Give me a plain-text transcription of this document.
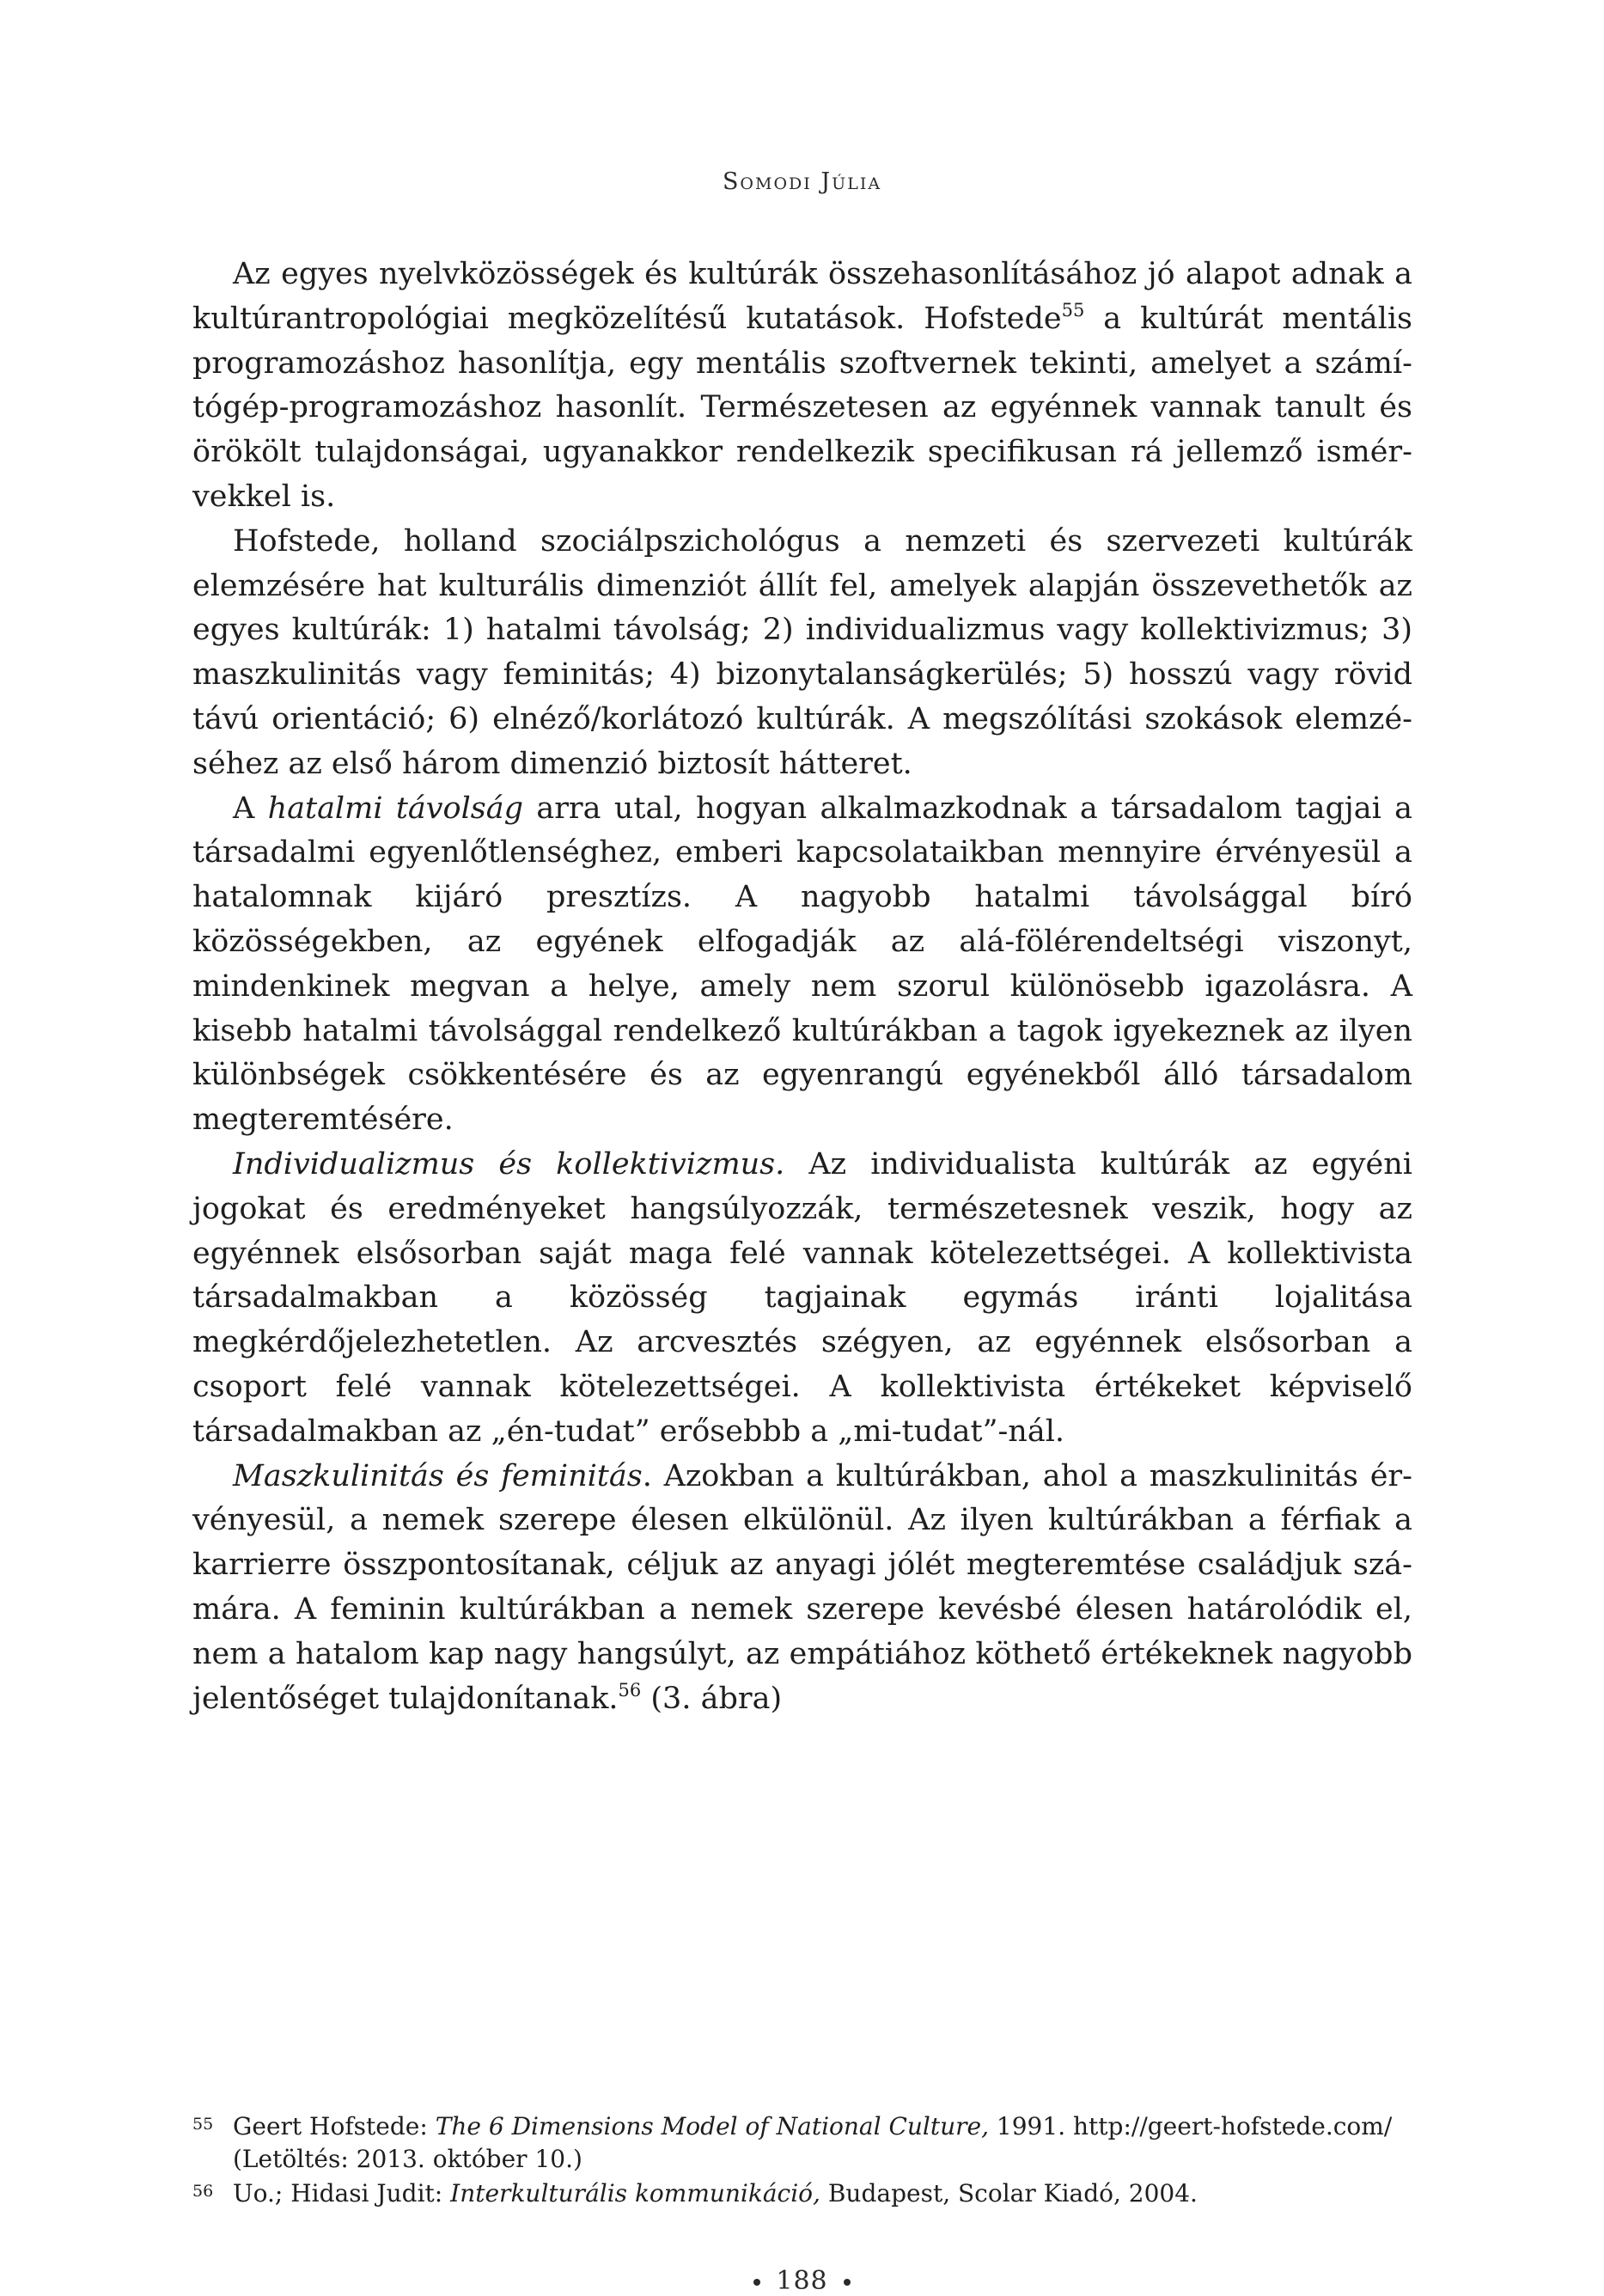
Somodi Júlia

Az egyes nyelvközösségek és kultúrák összehasonlításához jó alapot adnak a kultúrantropológiai megközelítésű kutatások. Hofstede$^{55}$ a kultúrát mentális programozáshoz hasonlítja, egy mentális szoftvernek tekinti, amelyet a számítógép-programozáshoz hasonlít. Természetesen az egyénnek vannak tanult és örökölt tulajdonságai, ugyanakkor rendelkezik specifikusan rá jellemző ismérvekkel is.

Hofstede, holland szociálpszichológus a nemzeti és szervezeti kultúrák elemzésére hat kulturális dimenziót állít fel, amelyek alapján összevethetők az egyes kultúrák: 1) hatalmi távolság; 2) individualizmus vagy kollektivizmus; 3) maszkulinitás vagy feminitás; 4) bizonytalanságkerülés; 5) hosszú vagy rövid távú orientáció; 6) elnéző/korlátozó kultúrák. A megszólítási szokások elemzéséhez az első három dimenzió biztosít hátteret.

A hatalmi távolság arra utal, hogyan alkalmazkodnak a társadalom tagjai a társadalmi egyenlőtlenséghez, emberi kapcsolataikban mennyire érvényesül a hatalomnak kijáró presztízs. A nagyobb hatalmi távolsággal bíró közösségekben, az egyének elfogadják az alá-fölérendeltségi viszonyt, mindenkinek megvan a helye, amely nem szorul különösebb igazolásra. A kisebb hatalmi távolsággal rendelkező kultúrákban a tagok igyekeznek az ilyen különbségek csökkentésére és az egyenrangú egyénekből álló társadalom megteremtésére.

Individualizmus és kollektivizmus. Az individualista kultúrák az egyéni jogokat és eredményeket hangsúlyozzák, természetesnek veszik, hogy az egyénnek elsősorban saját maga felé vannak kötelezettségei. A kollektivista társadalmakban a közösség tagjainak egymás iránti lojalitása megkérdőjelezhetetlen. Az arcvesztés szégyen, az egyénnek elsősorban a csoport felé vannak kötelezettségei. A kollektivista értékeket képviselő társadalmakban az „én-tudat” erősebbb a „mi-tudat”-nál.

Maszkulinitás és feminitás. Azokban a kultúrákban, ahol a maszkulinitás érvényesül, a nemek szerepe élesen elkülönül. Az ilyen kultúrákban a férfiak a karrierre összpontosítanak, céljuk az anyagi jólét megteremtése családjuk számára. A feminin kultúrákban a nemek szerepe kevésbé élesen határolódik el, nem a hatalom kap nagy hangsúlyt, az empátiához köthető értékeknek nagyobb jelentőséget tulajdonítanak.$^{56}$ (3. ábra)

55 Geert Hofstede: The 6 Dimensions Model of National Culture, 1991. http://geert-hofstede.com/ (Letöltés: 2013. október 10.)
56 Uo.; Hidasi Judit: Interkulturális kommunikáció, Budapest, Scolar Kiadó, 2004.
188
